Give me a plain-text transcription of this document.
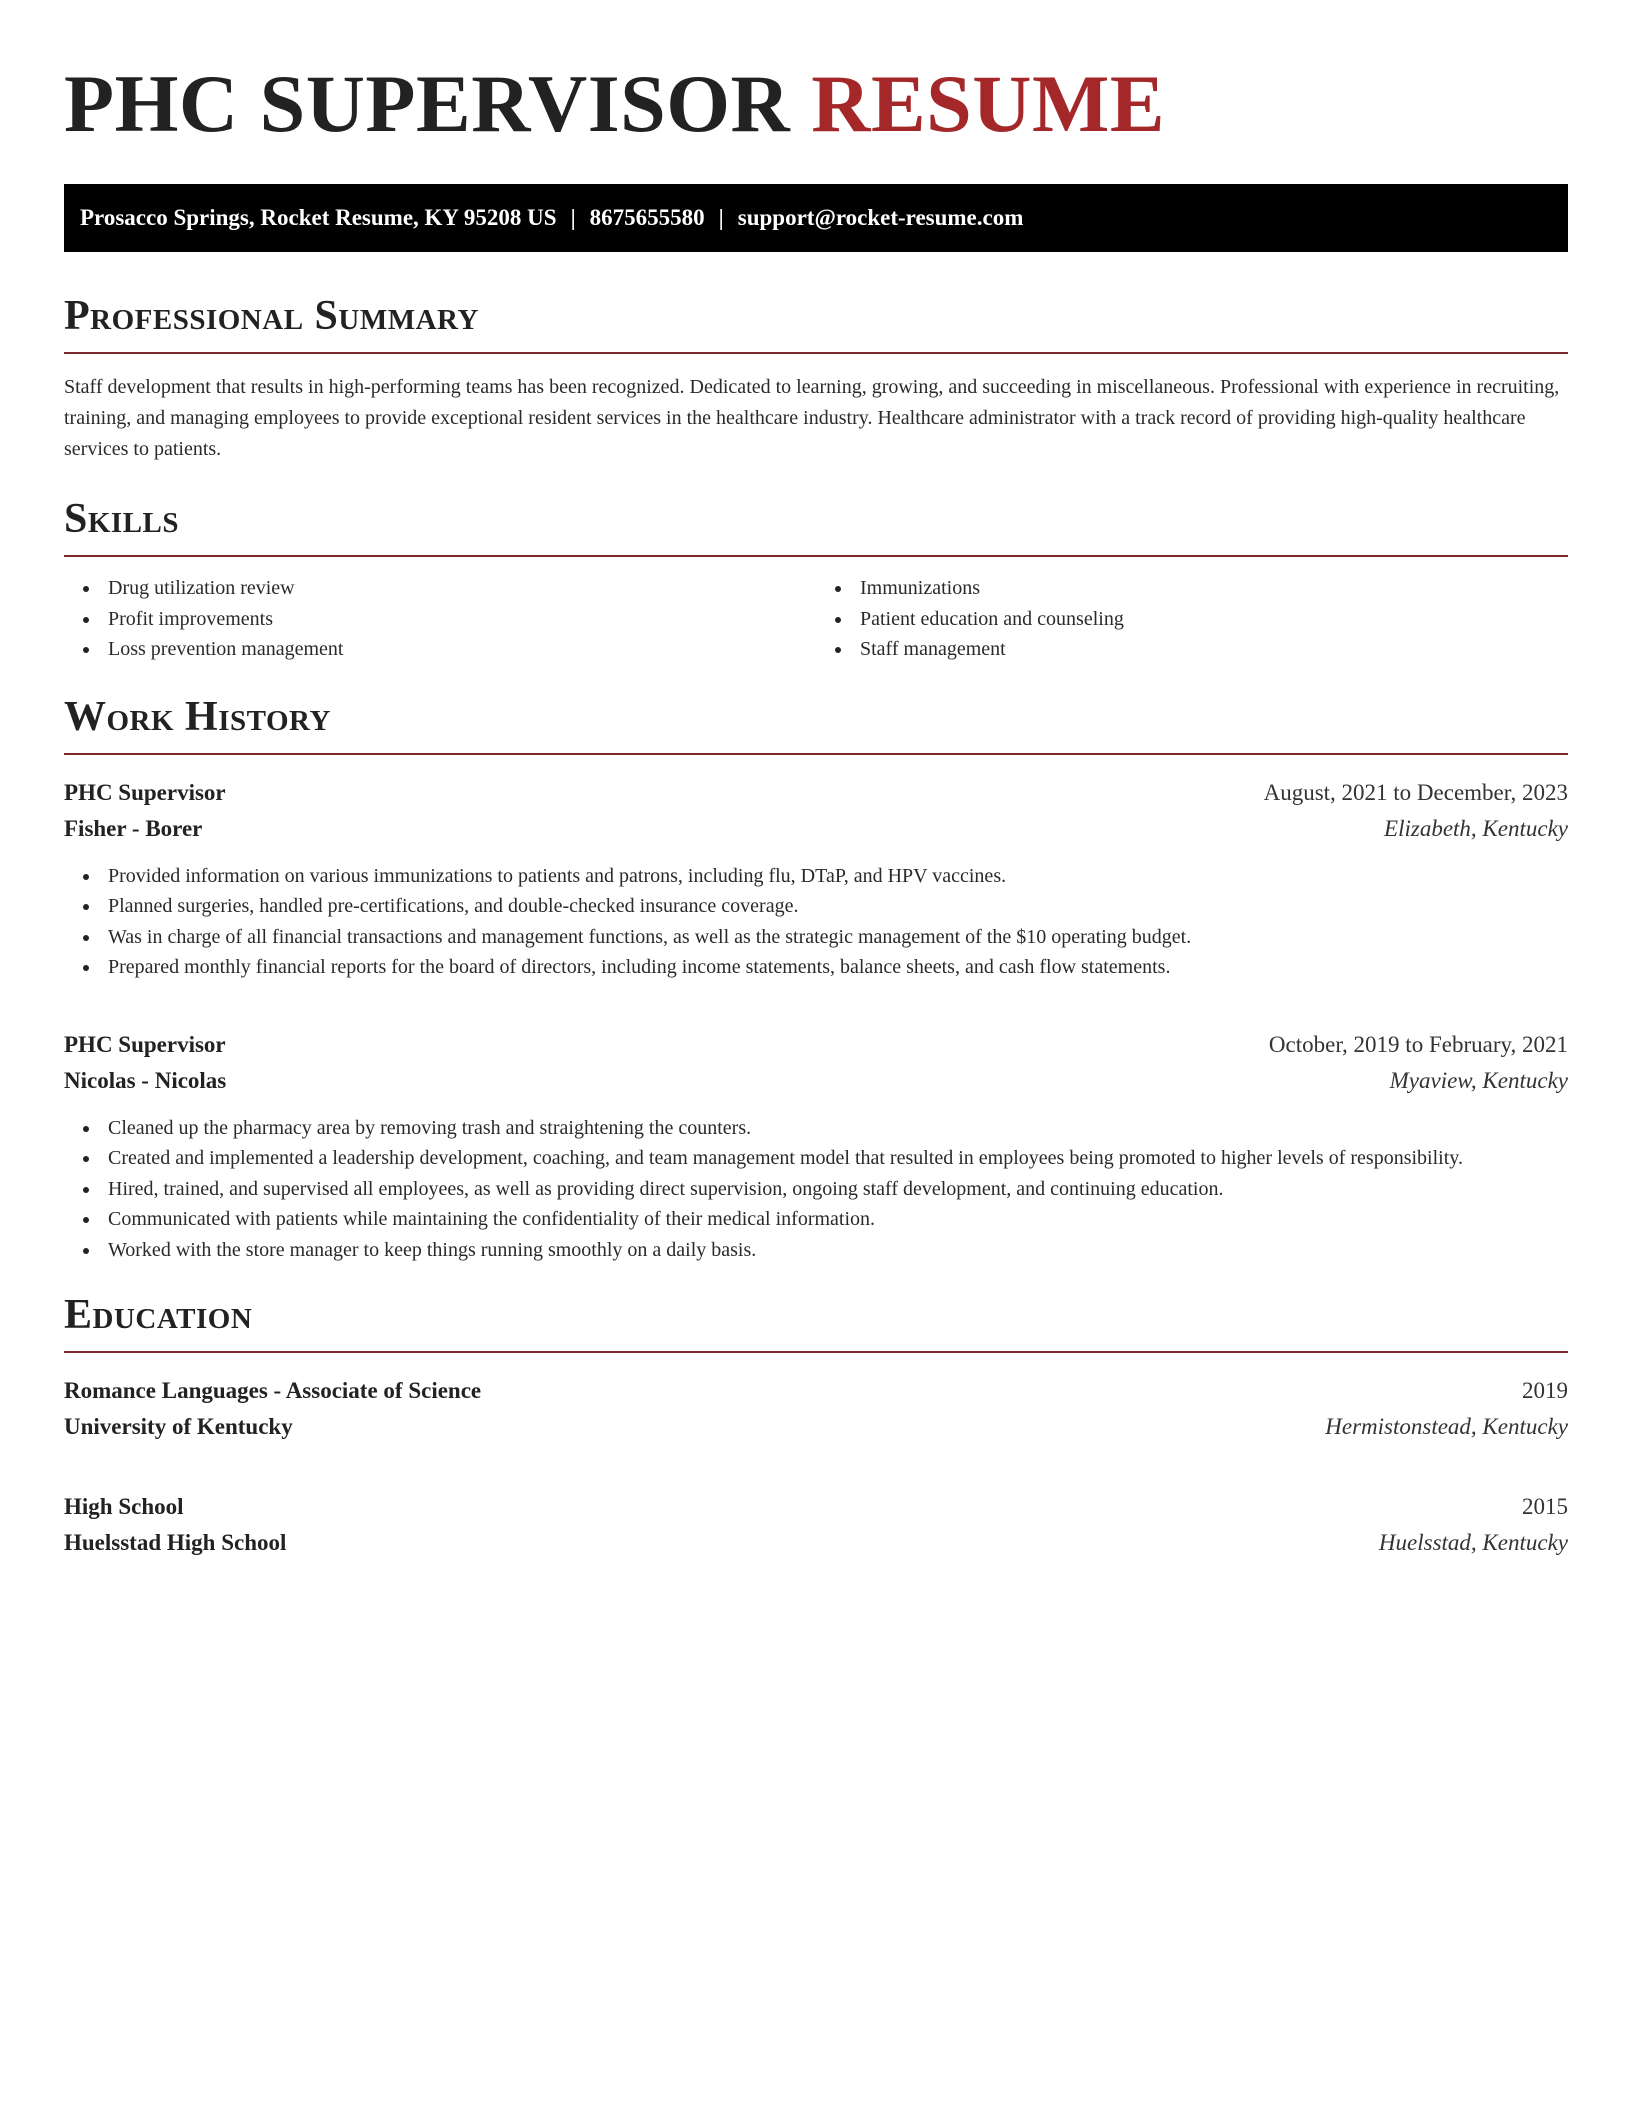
PHC SUPERVISOR RESUME
Prosacco Springs, Rocket Resume, KY 95208 US | 8675655580 | support@rocket-resume.com
Professional Summary

Staff development that results in high-performing teams has been recognized. Dedicated to learning, growing, and succeeding in miscellaneous. Professional with experience in recruiting, training, and managing employees to provide exceptional resident services in the healthcare industry. Healthcare administrator with a track record of providing high-quality healthcare services to patients.

Skills
Drug utilization review
Profit improvements
Loss prevention management
Immunizations
Patient education and counseling
Staff management
Work History
PHC Supervisor	August, 2021 to December, 2023
Fisher - Borer	Elizabeth, Kentucky
Provided information on various immunizations to patients and patrons, including flu, DTaP, and HPV vaccines.
Planned surgeries, handled pre-certifications, and double-checked insurance coverage.
Was in charge of all financial transactions and management functions, as well as the strategic management of the $10 operating budget.
Prepared monthly financial reports for the board of directors, including income statements, balance sheets, and cash flow statements.
PHC Supervisor	October, 2019 to February, 2021
Nicolas - Nicolas	Myaview, Kentucky
Cleaned up the pharmacy area by removing trash and straightening the counters.
Created and implemented a leadership development, coaching, and team management model that resulted in employees being promoted to higher levels of responsibility.
Hired, trained, and supervised all employees, as well as providing direct supervision, ongoing staff development, and continuing education.
Communicated with patients while maintaining the confidentiality of their medical information.
Worked with the store manager to keep things running smoothly on a daily basis.
Education
Romance Languages - Associate of Science	2019
University of Kentucky	Hermistonstead, Kentucky
High School	2015
Huelsstad High School	Huelsstad, Kentucky
